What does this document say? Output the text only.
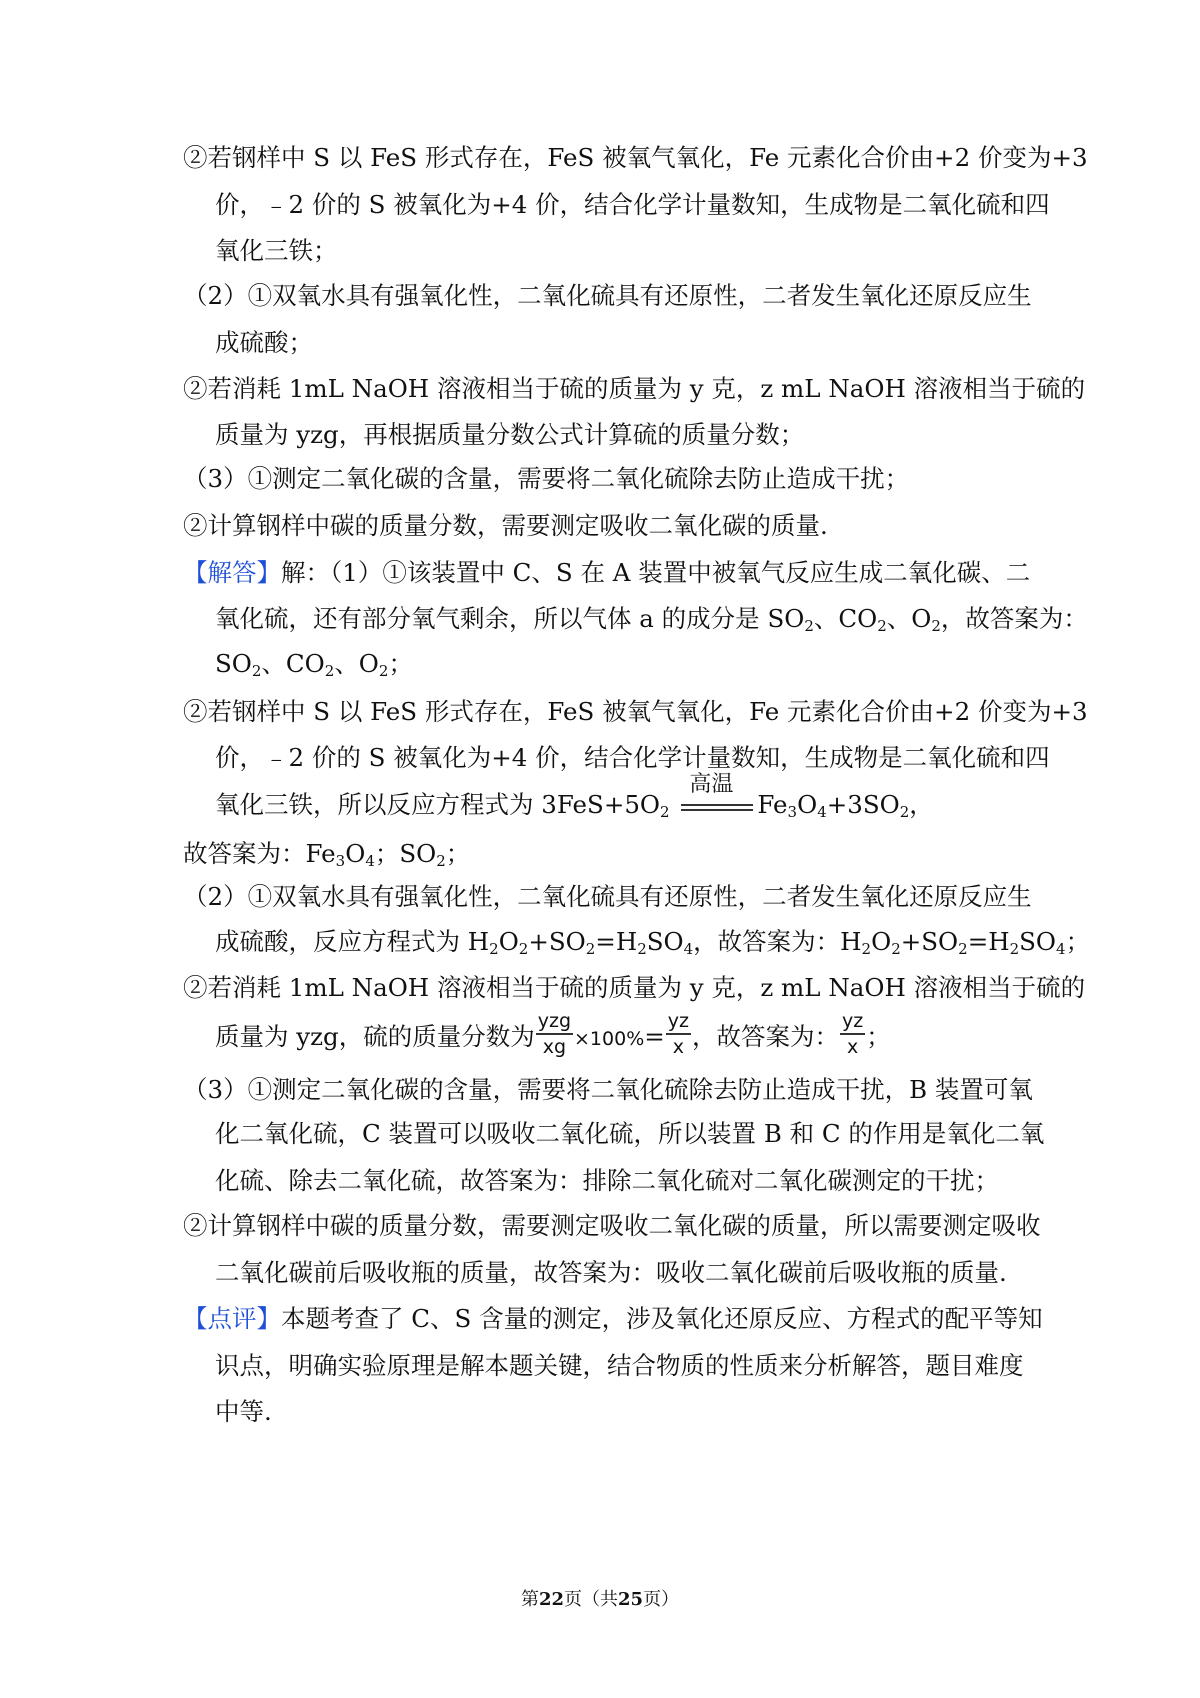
②若钢样中 S 以 FeS 形式存在，FeS 被氧气氧化，Fe 元素化合价由+2 价变为+3
价，﹣2 价的 S 被氧化为+4 价，结合化学计量数知，生成物是二氧化硫和四
氧化三铁；
（2）①双氧水具有强氧化性，二氧化硫具有还原性，二者发生氧化还原反应生
成硫酸；
②若消耗 1mL NaOH 溶液相当于硫的质量为 y 克，z mL NaOH 溶液相当于硫的
质量为 yzg，再根据质量分数公式计算硫的质量分数；
（3）①测定二氧化碳的含量，需要将二氧化硫除去防止造成干扰；
②计算钢样中碳的质量分数，需要测定吸收二氧化碳的质量.
【解答】解：（1）①该装置中 C、S 在 A 装置中被氧气反应生成二氧化碳、二
氧化硫，还有部分氧气剩余，所以气体 a 的成分是 $SO_2$、$CO_2$、$O_2$，故答案为：
$SO_2$、$CO_2$、$O_2$；
②若钢样中 S 以 FeS 形式存在，FeS 被氧气氧化，Fe 元素化合价由+2 价变为+3
价，﹣2 价的 S 被氧化为+4 价，结合化学计量数知，生成物是二氧化硫和四
氧化三铁，所以反应方程式为 $3FeS+5O_2$
高温
$Fe_3O_4+3SO_2$，
故答案为：$Fe_3O_4$；$SO_2$；
（2）①双氧水具有强氧化性，二氧化硫具有还原性，二者发生氧化还原反应生
成硫酸，反应方程式为 $H_2O_2+SO_2=H_2SO_4$，故答案为：$H_2O_2+SO_2=H_2SO_4$；
②若消耗 1mL NaOH 溶液相当于硫的质量为 y 克，z mL NaOH 溶液相当于硫的
质量为 yzg，硫的质量分数为 $\frac{\text{yzg}}{xg} \times 100\%= \frac{yz}{x}$ ，故答案为： $\frac{yz}{x}$ ；
（3）①测定二氧化碳的含量，需要将二氧化硫除去防止造成干扰，B 装置可氧
化二氧化硫，C 装置可以吸收二氧化硫，所以装置 B 和 C 的作用是氧化二氧
化硫、除去二氧化硫，故答案为：排除二氧化硫对二氧化碳测定的干扰；
②计算钢样中碳的质量分数，需要测定吸收二氧化碳的质量，所以需要测定吸收
二氧化碳前后吸收瓶的质量，故答案为：吸收二氧化碳前后吸收瓶的质量.
【点评】本题考查了 C、S 含量的测定，涉及氧化还原反应、方程式的配平等知
识点，明确实验原理是解本题关键，结合物质的性质来分析解答，题目难度
中等.
第22页（共25页）
